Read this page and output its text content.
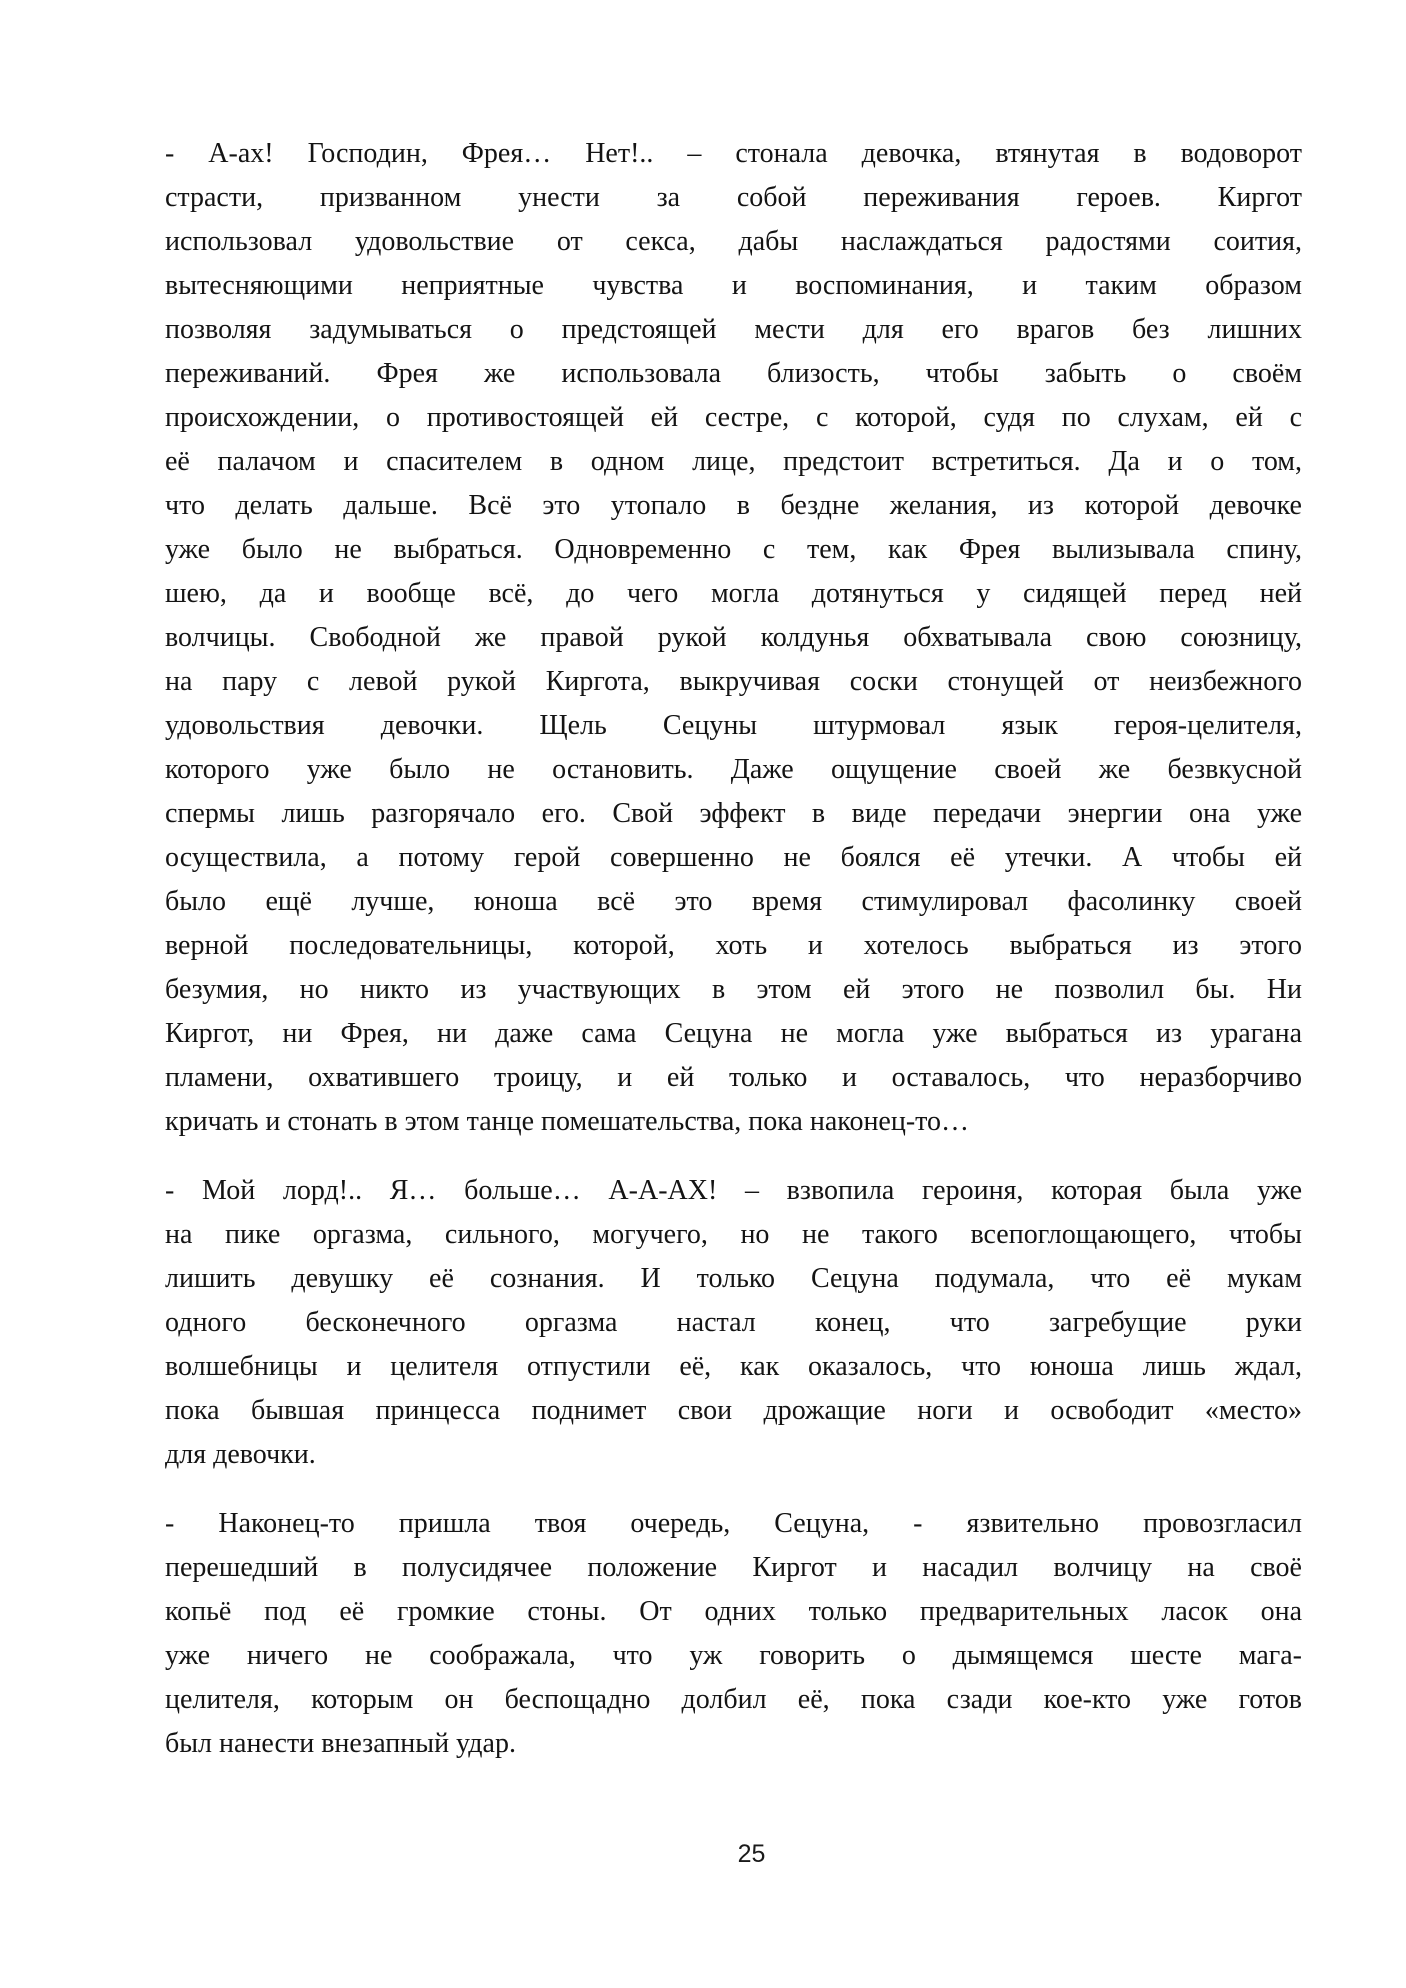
- А-ах! Господин, Фрея… Нет!.. – стонала девочка, втянутая в водоворот
страсти, призванном унести за собой переживания героев. Киргот
использовал удовольствие от секса, дабы наслаждаться радостями соития,
вытесняющими неприятные чувства и воспоминания, и таким образом
позволяя задумываться о предстоящей мести для его врагов без лишних
переживаний. Фрея же использовала близость, чтобы забыть о своём
происхождении, о противостоящей ей сестре, с которой, судя по слухам, ей с
её палачом и спасителем в одном лице, предстоит встретиться. Да и о том,
что делать дальше. Всё это утопало в бездне желания, из которой девочке
уже было не выбраться. Одновременно с тем, как Фрея вылизывала спину,
шею, да и вообще всё, до чего могла дотянуться у сидящей перед ней
волчицы. Свободной же правой рукой колдунья обхватывала свою союзницу,
на пару с левой рукой Киргота, выкручивая соски стонущей от неизбежного
удовольствия девочки. Щель Сецуны штурмовал язык героя-целителя,
которого уже было не остановить. Даже ощущение своей же безвкусной
спермы лишь разгорячало его. Свой эффект в виде передачи энергии она уже
осуществила, а потому герой совершенно не боялся её утечки. А чтобы ей
было ещё лучше, юноша всё это время стимулировал фасолинку своей
верной последовательницы, которой, хоть и хотелось выбраться из этого
безумия, но никто из участвующих в этом ей этого не позволил бы. Ни
Киргот, ни Фрея, ни даже сама Сецуна не могла уже выбраться из урагана
пламени, охватившего троицу, и ей только и оставалось, что неразборчиво
кричать и стонать в этом танце помешательства, пока наконец-то…
- Мой лорд!.. Я… больше… А-А-АХ! – взвопила героиня, которая была уже
на пике оргазма, сильного, могучего, но не такого всепоглощающего, чтобы
лишить девушку её сознания. И только Сецуна подумала, что её мукам
одного бесконечного оргазма настал конец, что загребущие руки
волшебницы и целителя отпустили её, как оказалось, что юноша лишь ждал,
пока бывшая принцесса поднимет свои дрожащие ноги и освободит «место»
для девочки.
- Наконец-то пришла твоя очередь, Сецуна, - язвительно провозгласил
перешедший в полусидячее положение Киргот и насадил волчицу на своё
копьё под её громкие стоны. От одних только предварительных ласок она
уже ничего не соображала, что уж говорить о дымящемся шесте мага-
целителя, которым он беспощадно долбил её, пока сзади кое-кто уже готов
был нанести внезапный удар.
25
